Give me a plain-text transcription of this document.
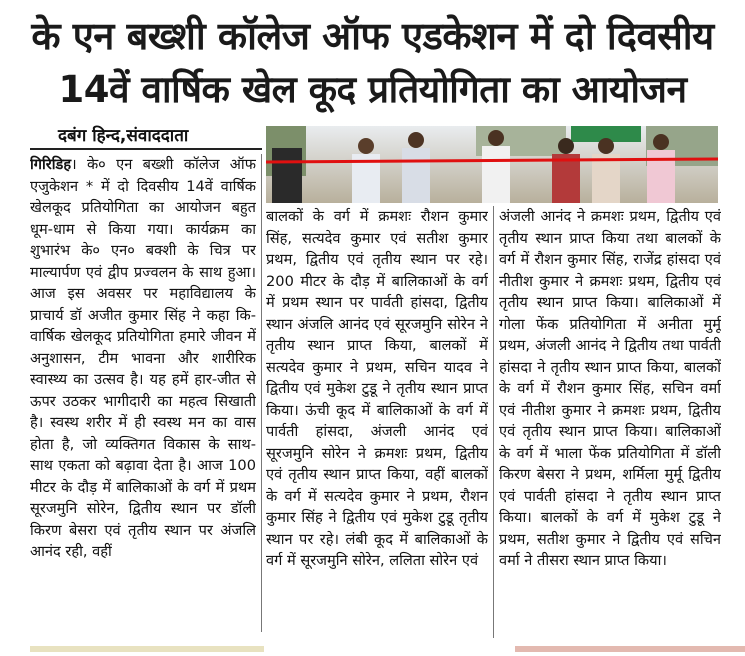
के एन बख्शी कॉलेज ऑफ एडकेशन में दो दिवसीय
14वें वार्षिक खेल कूद प्रतियोगिता का आयोजन
दबंग हिन्द,संवाददाता

गिरिडिह। के० एन बख्शी कॉलेज ऑफ एजुकेशन * में दो दिवसीय 14वें वार्षिक खेलकूद प्रतियोगिता का आयोजन बहुत धूम-धाम से किया गया। कार्यक्रम का शुभारंभ के० एन० बक्शी के चित्र पर माल्यार्पण एवं द्वीप प्रज्वलन के साथ हुआ। आज इस अवसर पर महाविद्यालय के प्राचार्य डॉ अजीत कुमार सिंह ने कहा कि- वार्षिक खेलकूद प्रतियोगिता हमारे जीवन में अनुशासन, टीम भावना और शारीरिक स्वास्थ्य का उत्सव है। यह हमें हार-जीत से ऊपर उठकर भागीदारी का महत्व सिखाती है। स्वस्थ शरीर में ही स्वस्थ मन का वास होता है, जो व्यक्तिगत विकास के साथ-साथ एकता को बढ़ावा देता है। आज 100 मीटर के दौड़ में बालिकाओं के वर्ग में प्रथम सूरजमुनि सोरेन, द्वितीय स्थान पर डॉली किरण बेसरा एवं तृतीय स्थान पर अंजलि आनंद रही, वहीं

बालकों के वर्ग में क्रमशः रौशन कुमार सिंह, सत्यदेव कुमार एवं सतीश कुमार प्रथम, द्वितीय एवं तृतीय स्थान पर रहे। 200 मीटर के दौड़ में बालिकाओं के वर्ग में प्रथम स्थान पर पार्वती हांसदा, द्वितीय स्थान अंजलि आनंद एवं सूरजमुनि सोरेन ने तृतीय स्थान प्राप्त किया, बालकों में सत्यदेव कुमार ने प्रथम, सचिन यादव ने द्वितीय एवं मुकेश टुडू ने तृतीय स्थान प्राप्त किया। ऊंची कूद में बालिकाओं के वर्ग में पार्वती हांसदा, अंजली आनंद एवं सूरजमुनि सोरेन ने क्रमशः प्रथम, द्वितीय एवं तृतीय स्थान प्राप्त किया, वहीं बालकों के वर्ग में सत्यदेव कुमार ने प्रथम, रौशन कुमार सिंह ने द्वितीय एवं मुकेश टुडू तृतीय स्थान पर रहे। लंबी कूद में बालिकाओं के वर्ग में सूरजमुनि सोरेन, ललिता सोरेन एवं

अंजली आनंद ने क्रमशः प्रथम, द्वितीय एवं तृतीय स्थान प्राप्त किया तथा बालकों के वर्ग में रौशन कुमार सिंह, राजेंद्र हांसदा एवं नीतीश कुमार ने क्रमशः प्रथम, द्वितीय एवं तृतीय स्थान प्राप्त किया। बालिकाओं में गोला फेंक प्रतियोगिता में अनीता मुर्मू प्रथम, अंजली आनंद ने द्वितीय तथा पार्वती हांसदा ने तृतीय स्थान प्राप्त किया, बालकों के वर्ग में रौशन कुमार सिंह, सचिन वर्मा एवं नीतीश कुमार ने क्रमशः प्रथम, द्वितीय एवं तृतीय स्थान प्राप्त किया। बालिकाओं के वर्ग में भाला फेंक प्रतियोगिता में डॉली किरण बेसरा ने प्रथम, शर्मिला मुर्मू द्वितीय एवं पार्वती हांसदा ने तृतीय स्थान प्राप्त किया। बालकों के वर्ग में मुकेश टुडू ने प्रथम, सतीश कुमार ने द्वितीय एवं सचिन वर्मा ने तीसरा स्थान प्राप्त किया।
